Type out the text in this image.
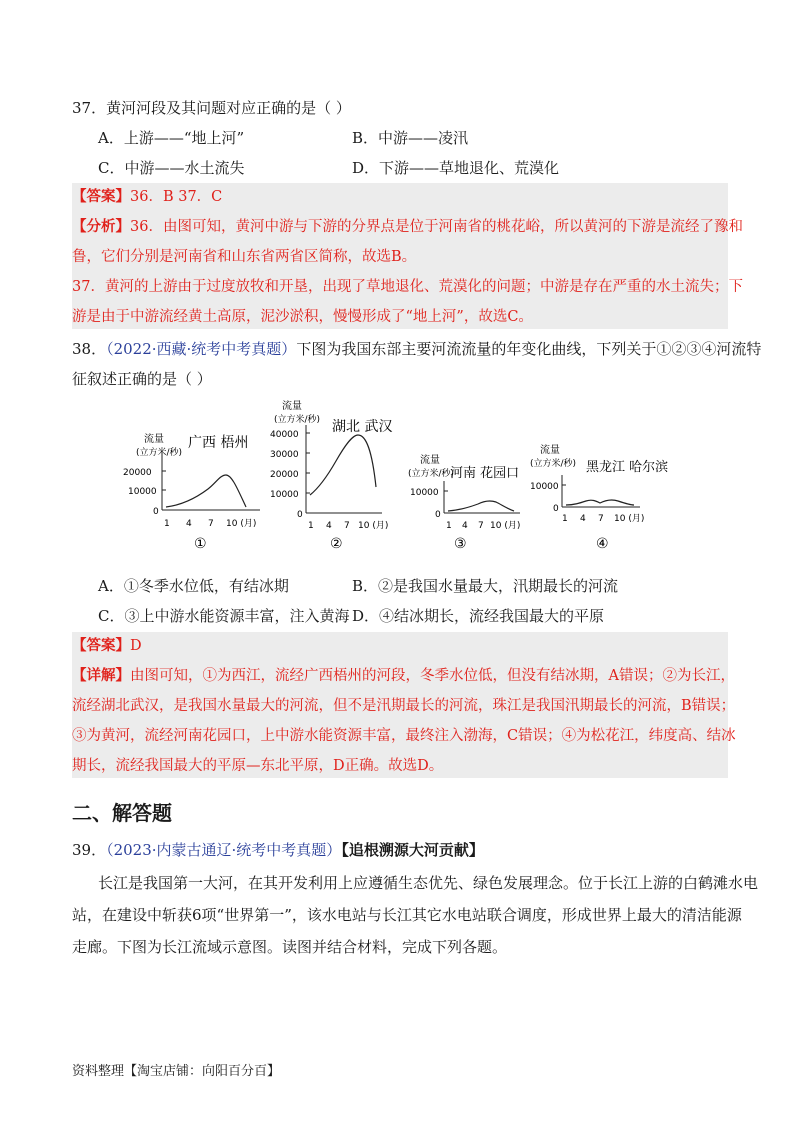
37．黄河河段及其问题对应正确的是（ ）
A．上游——“地上河”	B．中游——凌汛
C．中游——水土流失	D．下游——草地退化、荒漠化
【答案】36．B 37．C
【分析】36．由图可知，黄河中游与下游的分界点是位于河南省的桃花峪，所以黄河的下游是流经了豫和
鲁，它们分别是河南省和山东省两省区简称，故选B。
37．黄河的上游由于过度放牧和开垦，出现了草地退化、荒漠化的问题；中游是存在严重的水土流失；下
游是由于中游流经黄土高原，泥沙淤积，慢慢形成了“地上河”，故选C。
38．（2022·西藏·统考中考真题）下图为我国东部主要河流流量的年变化曲线，下列关于①②③④河流特
征叙述正确的是（ ）
流量
(立方米/秒)
广西 梧州
20000
10000
0
1 4 7 10 (月)
①
流量
(立方米/秒) 湖北 武汉
40000
30000
20000
10000
0
1 4 7 10 (月)
②
流量
(立方米/秒)
河南 花园口
10000
0
1 4 7 10 (月)
③
流量
(立方米/秒) 黑龙江 哈尔滨
10000
0
1 4 7 10 (月)
④
A．①冬季水位低，有结冰期	B．②是我国水量最大，汛期最长的河流
C．③上中游水能资源丰富，注入黄海 D．④结冰期长，流经我国最大的平原
【答案】D
【详解】由图可知，①为西江，流经广西梧州的河段，冬季水位低，但没有结冰期，A错误；②为长江，
流经湖北武汉，是我国水量最大的河流，但不是汛期最长的河流，珠江是我国汛期最长的河流，B错误；
③为黄河，流经河南花园口，上中游水能资源丰富，最终注入渤海，C错误；④为松花江，纬度高、结冰
期长，流经我国最大的平原—东北平原，D正确。故选D。
二、解答题
39．（2023·内蒙古通辽·统考中考真题）【追根溯源大河贡献】
长江是我国第一大河，在其开发利用上应遵循生态优先、绿色发展理念。位于长江上游的白鹤滩水电
站，在建设中斩获6项“世界第一”，该水电站与长江其它水电站联合调度，形成世界上最大的清洁能源
走廊。下图为长江流域示意图。读图并结合材料，完成下列各题。
资料整理【淘宝店铺：向阳百分百】
